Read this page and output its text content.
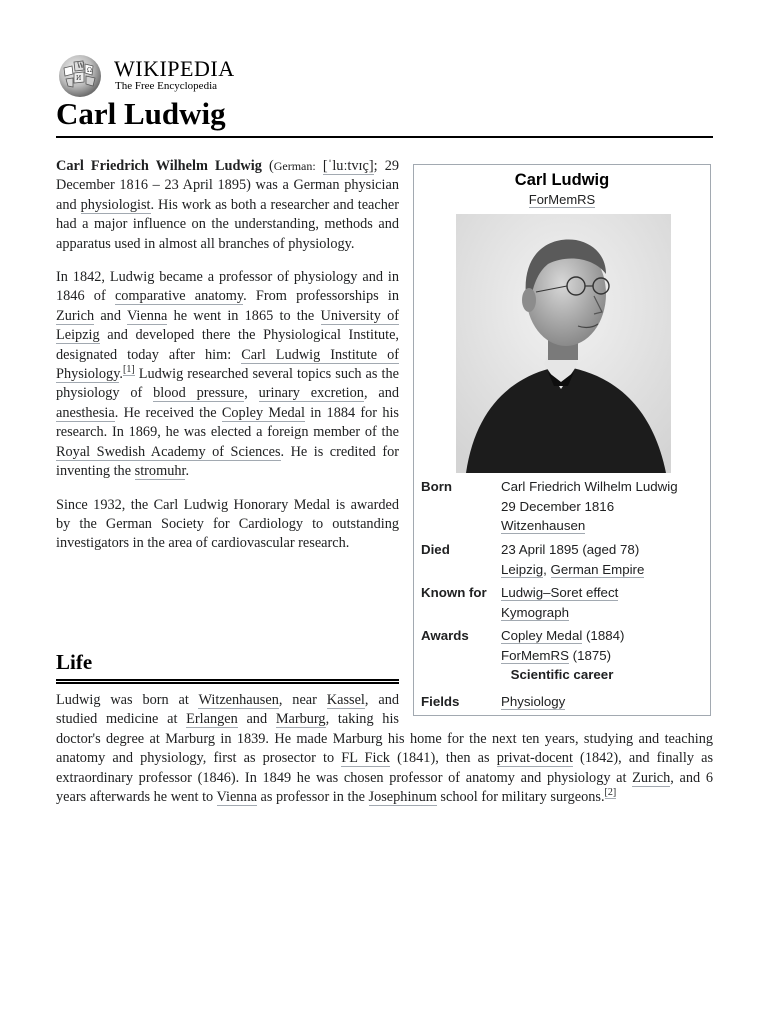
W
Ω
И WIKIPEDIA
The Free Encyclopedia
Carl Ludwig

Carl Friedrich Wilhelm Ludwig (German: [ˈluːtvɪç]; 29 December 1816 – 23 April 1895) was a German physician and physiologist. His work as both a researcher and teacher had a major influence on the understanding, methods and apparatus used in almost all branches of physiology.

In 1842, Ludwig became a professor of physiology and in 1846 of comparative anatomy. From professorships in Zurich and Vienna he went in 1865 to the University of Leipzig and developed there the Physiological Institute, designated today after him: Carl Ludwig Institute of Physiology.[1] Ludwig researched several topics such as the physiology of blood pressure, urinary excretion, and anesthesia. He received the Copley Medal in 1884 for his research. In 1869, he was elected a foreign member of the Royal Swedish Academy of Sciences. He is credited for inventing the stromuhr.

Since 1932, the Carl Ludwig Honorary Medal is awarded by the German Society for Cardiology to outstanding investigators in the area of cardiovascular research.

Life

Ludwig was born at Witzenhausen, near Kassel, and studied medicine at Erlangen and Marburg, taking his doctor's degree at Marburg in 1839. He made Marburg his home for the next ten years, studying and teaching anatomy and physiology, first as prosector to FL Fick (1841), then as privat-docent (1842), and finally as extraordinary professor (1846). In 1849 he was chosen professor of anatomy and physiology at Zurich, and 6 years afterwards he went to Vienna as professor in the Josephinum school for military surgeons.[2]

Carl Ludwig
ForMemRS
Born	Carl Friedrich Wilhelm Ludwig
29 December 1816
Witzenhausen
Died	23 April 1895 (aged 78)
Leipzig, German Empire
Known for	Ludwig–Soret effect
Kymograph
Awards	Copley Medal (1884)
ForMemRS (1875)
Scientific career
Fields	Physiology
